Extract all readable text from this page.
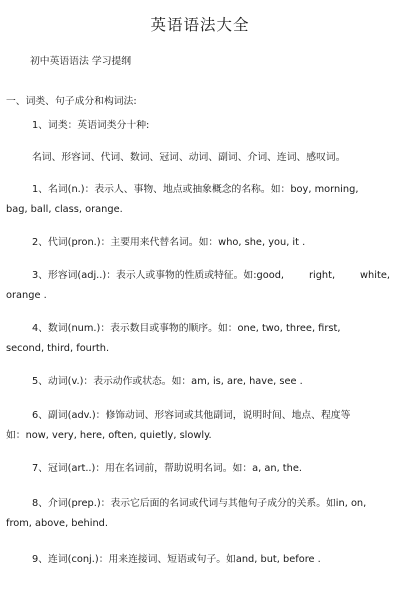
英语语法大全
初中英语语法 学习提纲
一、词类、句子成分和构词法:
1、词类：英语词类分十种:
名词、形容词、代词、数词、冠词、动词、副词、介词、连词、感叹词。
1、名词(n.)：表示人、事物、地点或抽象概念的名称。如：boy, morning,
bag, ball, class, orange.
2、代词(pron.)：主要用来代替名词。如：who, she, you, it .
3、形容词(adj..)：表示人或事物的性质或特征。如:good,	right,	white,
orange .
4、数词(num.)：表示数目或事物的顺序。如：one, two, three, first,
second, third, fourth.
5、动词(v.)：表示动作或状态。如：am, is, are, have, see .
6、副词(adv.)：修饰动词、形容词或其他副词，说明时间、地点、程度等
如：now, very, here, often, quietly, slowly.
7、冠词(art..)：用在名词前，帮助说明名词。如：a, an, the.
8、介词(prep.)：表示它后面的名词或代词与其他句子成分的关系。如in, on,
from, above, behind.
9、连词(conj.)：用来连接词、短语或句子。如and, but, before .
